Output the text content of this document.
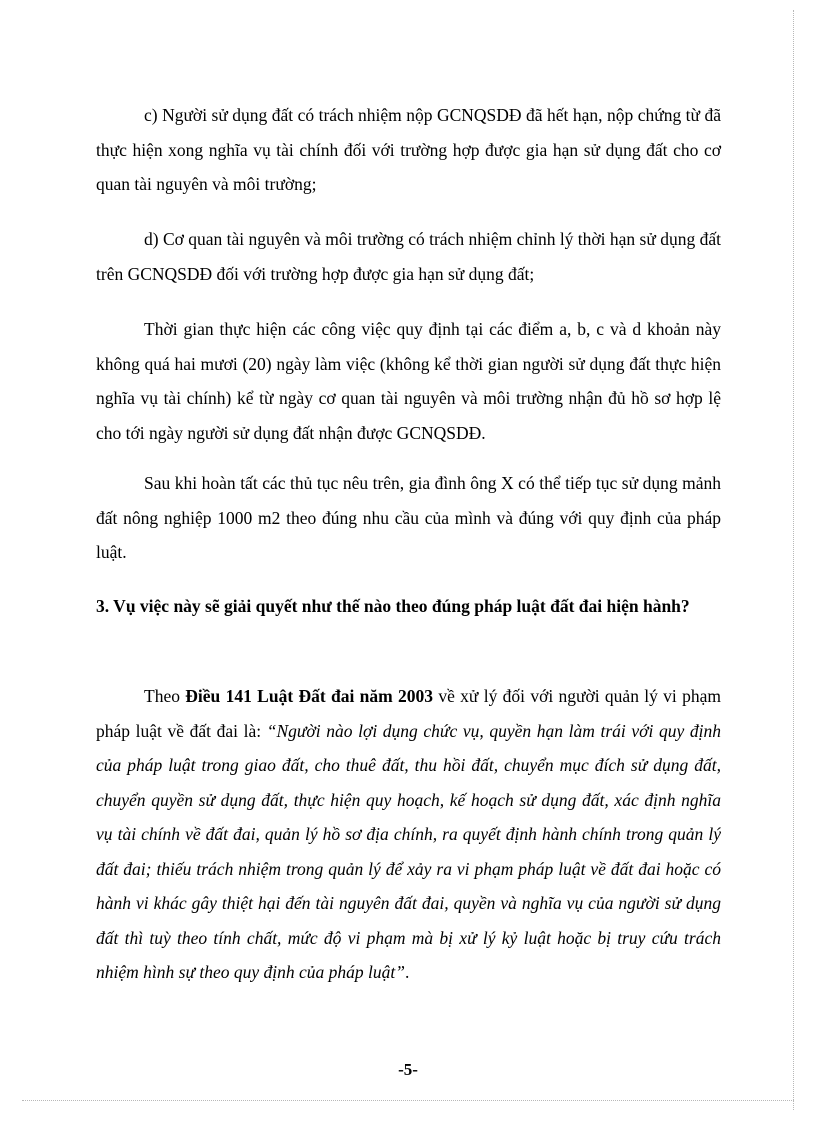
c) Người sử dụng đất có trách nhiệm nộp GCNQSDĐ đã hết hạn, nộp chứng từ đã thực hiện xong nghĩa vụ tài chính đối với trường hợp được gia hạn sử dụng đất cho cơ quan tài nguyên và môi trường;

d) Cơ quan tài nguyên và môi trường có trách nhiệm chỉnh lý thời hạn sử dụng đất trên GCNQSDĐ đối với trường hợp được gia hạn sử dụng đất;

Thời gian thực hiện các công việc quy định tại các điểm a, b, c và d khoản này không quá hai mươi (20) ngày làm việc (không kể thời gian người sử dụng đất thực hiện nghĩa vụ tài chính) kể từ ngày cơ quan tài nguyên và môi trường nhận đủ hồ sơ hợp lệ cho tới ngày người sử dụng đất nhận được GCNQSDĐ.

Sau khi hoàn tất các thủ tục nêu trên, gia đình ông X có thể tiếp tục sử dụng mảnh đất nông nghiệp 1000 m2 theo đúng nhu cầu của mình và đúng với quy định của pháp luật.

3. Vụ việc này sẽ giải quyết như thế nào theo đúng pháp luật đất đai hiện hành?

Theo Điều 141 Luật Đất đai năm 2003 về xử lý đối với người quản lý vi phạm pháp luật về đất đai là: “Người nào lợi dụng chức vụ, quyền hạn làm trái với quy định của pháp luật trong giao đất, cho thuê đất, thu hồi đất, chuyển mục đích sử dụng đất, chuyển quyền sử dụng đất, thực hiện quy hoạch, kế hoạch sử dụng đất, xác định nghĩa vụ tài chính về đất đai, quản lý hồ sơ địa chính, ra quyết định hành chính trong quản lý đất đai; thiếu trách nhiệm trong quản lý để xảy ra vi phạm pháp luật về đất đai hoặc có hành vi khác gây thiệt hại đến tài nguyên đất đai, quyền và nghĩa vụ của người sử dụng đất thì tuỳ theo tính chất, mức độ vi phạm mà bị xử lý kỷ luật hoặc bị truy cứu trách nhiệm hình sự theo quy định của pháp luật”.

-5-
